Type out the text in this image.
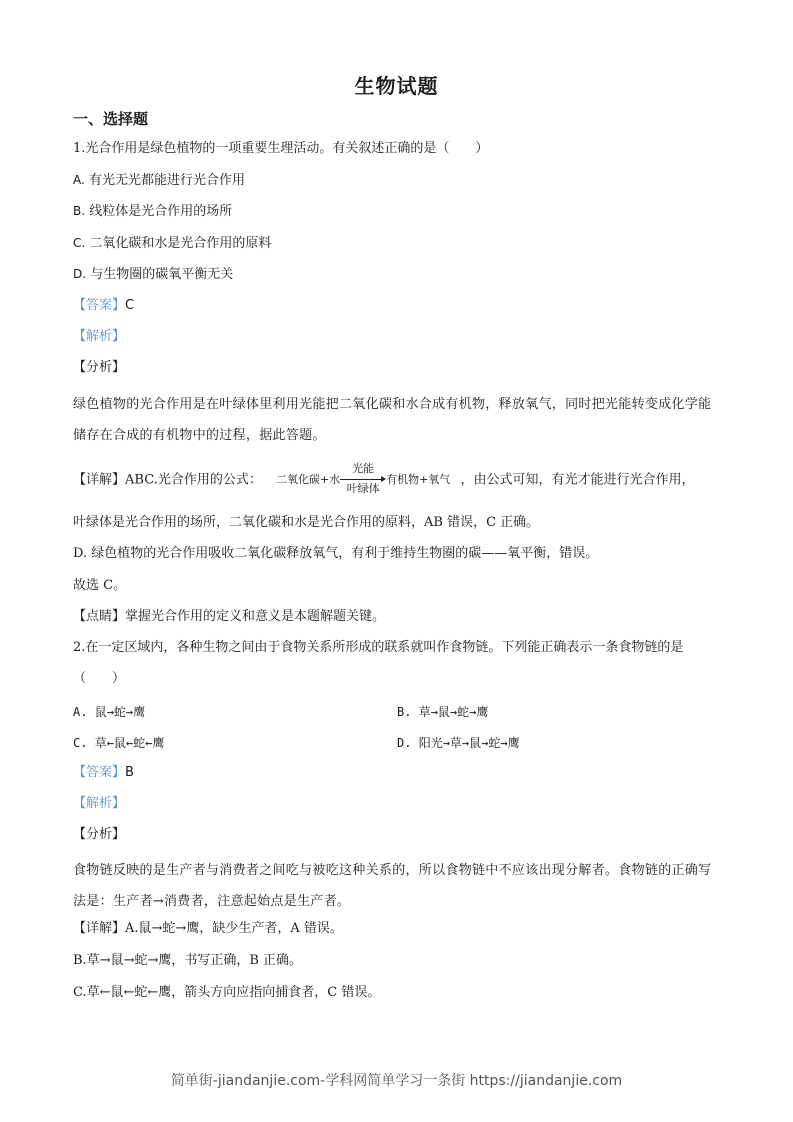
生物试题
一、选择题
1.光合作用是绿色植物的一项重要生理活动。有关叙述正确的是（　　）
A. 有光无光都能进行光合作用
B. 线粒体是光合作用的场所
C. 二氧化碳和水是光合作用的原料
D. 与生物圈的碳氧平衡无关
【答案】C
【解析】
【分析】
绿色植物的光合作用是在叶绿体里利用光能把二氧化碳和水合成有机物，释放氧气，同时把光能转变成化学能储存在合成的有机物中的过程，据此答题。
【详解】ABC.光合作用的公式： 二氧化碳+水
光能
叶绿体
有机物+氧气 ，由公式可知，有光才能进行光合作用，
叶绿体是光合作用的场所，二氧化碳和水是光合作用的原料，AB 错误，C 正确。
D. 绿色植物的光合作用吸收二氧化碳释放氧气，有利于维持生物圈的碳——氧平衡，错误。
故选 C。
【点睛】掌握光合作用的定义和意义是本题解题关键。
2.在一定区域内，各种生物之间由于食物关系所形成的联系就叫作食物链。下列能正确表示一条食物链的是
（　　）
A. 鼠→蛇→鹰	B. 草→鼠→蛇→鹰
C. 草←鼠←蛇←鹰	D. 阳光→草→鼠→蛇→鹰
【答案】B
【解析】
【分析】
食物链反映的是生产者与消费者之间吃与被吃这种关系的，所以食物链中不应该出现分解者。食物链的正确写法是：生产者→消费者，注意起始点是生产者。
【详解】A.鼠→蛇→鹰，缺少生产者，A 错误。
B.草→鼠→蛇→鹰，书写正确，B 正确。
C.草←鼠←蛇←鹰，箭头方向应指向捕食者，C 错误。
简单街-jiandanjie.com-学科网简单学习一条街 https://jiandanjie.com
